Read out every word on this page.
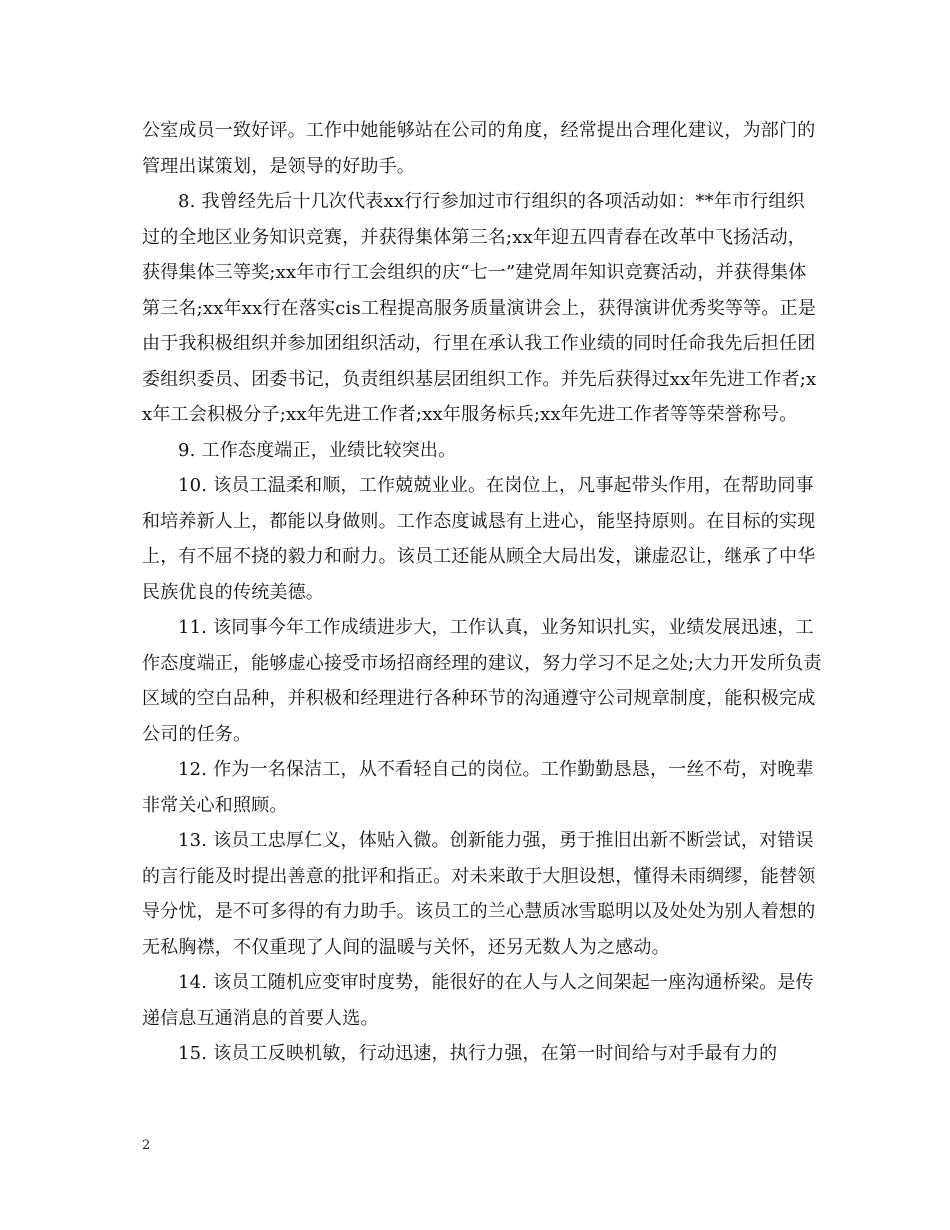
公室成员一致好评。工作中她能够站在公司的角度，经常提出合理化建议，为部门的管理出谋策划，是领导的好助手。

8. 我曾经先后十几次代表xx行行参加过市行组织的各项活动如：**年市行组织过的全地区业务知识竞赛，并获得集体第三名;xx年迎五四青春在改革中飞扬活动，获得集体三等奖;xx年市行工会组织的庆“七一”建党周年知识竞赛活动，并获得集体第三名;xx年xx行在落实cis工程提高服务质量演讲会上，获得演讲优秀奖等等。正是由于我积极组织并参加团组织活动，行里在承认我工作业绩的同时任命我先后担任团委组织委员、团委书记，负责组织基层团组织工作。并先后获得过xx年先进工作者;xx年工会积极分子;xx年先进工作者;xx年服务标兵;xx年先进工作者等等荣誉称号。

9. 工作态度端正，业绩比较突出。

10. 该员工温柔和顺，工作兢兢业业。在岗位上，凡事起带头作用，在帮助同事和培养新人上，都能以身做则。工作态度诚恳有上进心，能坚持原则。在目标的实现上，有不屈不挠的毅力和耐力。该员工还能从顾全大局出发，谦虚忍让，继承了中华民族优良的传统美德。

11. 该同事今年工作成绩进步大，工作认真，业务知识扎实，业绩发展迅速，工作态度端正，能够虚心接受市场招商经理的建议，努力学习不足之处;大力开发所负责区域的空白品种，并积极和经理进行各种环节的沟通遵守公司规章制度，能积极完成公司的任务。

12. 作为一名保洁工，从不看轻自己的岗位。工作勤勤恳恳，一丝不苟，对晚辈非常关心和照顾。

13. 该员工忠厚仁义，体贴入微。创新能力强，勇于推旧出新不断尝试，对错误的言行能及时提出善意的批评和指正。对未来敢于大胆设想，懂得未雨绸缪，能替领导分忧，是不可多得的有力助手。该员工的兰心慧质冰雪聪明以及处处为别人着想的无私胸襟，不仅重现了人间的温暖与关怀，还另无数人为之感动。

14. 该员工随机应变审时度势，能很好的在人与人之间架起一座沟通桥梁。是传递信息互通消息的首要人选。

15. 该员工反映机敏，行动迅速，执行力强，在第一时间给与对手最有力的

2
